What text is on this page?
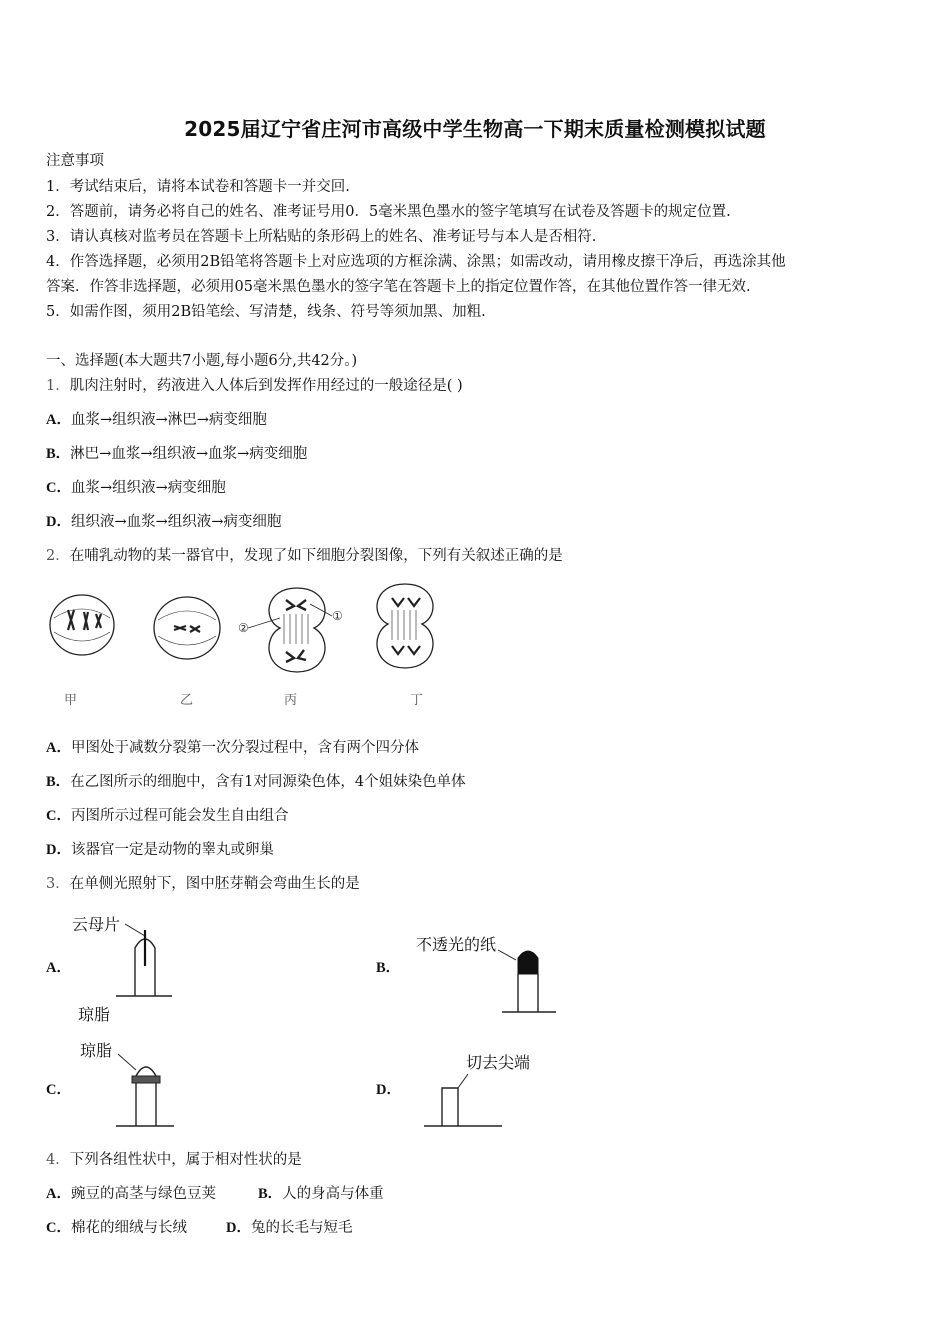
2025届辽宁省庄河市高级中学生物高一下期末质量检测模拟试题
注意事项
1．考试结束后，请将本试卷和答题卡一并交回.
2．答题前，请务必将自己的姓名、准考证号用0．5毫米黑色墨水的签字笔填写在试卷及答题卡的规定位置.
3．请认真核对监考员在答题卡上所粘贴的条形码上的姓名、准考证号与本人是否相符.
4．作答选择题，必须用2B铅笔将答题卡上对应选项的方框涂满、涂黑；如需改动，请用橡皮擦干净后，再选涂其他
答案．作答非选择题，必须用05毫米黑色墨水的签字笔在答题卡上的指定位置作答，在其他位置作答一律无效.
5．如需作图，须用2B铅笔绘、写清楚，线条、符号等须加黑、加粗.
一、选择题(本大题共7小题,每小题6分,共42分。)
1．肌肉注射时，药液进入人体后到发挥作用经过的一般途径是( )
A．血浆→组织液→淋巴→病变细胞
B．淋巴→血浆→组织液→血浆→病变细胞
C．血浆→组织液→病变细胞
D．组织液→血浆→组织液→病变细胞
2．在哺乳动物的某一器官中，发现了如下细胞分裂图像，下列有关叙述正确的是
②
①
甲	乙	丙	丁
A．甲图处于减数分裂第一次分裂过程中，含有两个四分体
B．在乙图所示的细胞中，含有1对同源染色体，4个姐妹染色单体
C．丙图所示过程可能会发生自由组合
D．该器官一定是动物的睾丸或卵巢
3．在单侧光照射下，图中胚芽鞘会弯曲生长的是
A．
云母片
琼脂
B．
不透光的纸
C．
琼脂
D．
切去尖端
4．下列各组性状中，属于相对性状的是
A．豌豆的高茎与绿色豆荚	B．人的身高与体重
C．棉花的细绒与长绒	D．兔的长毛与短毛
